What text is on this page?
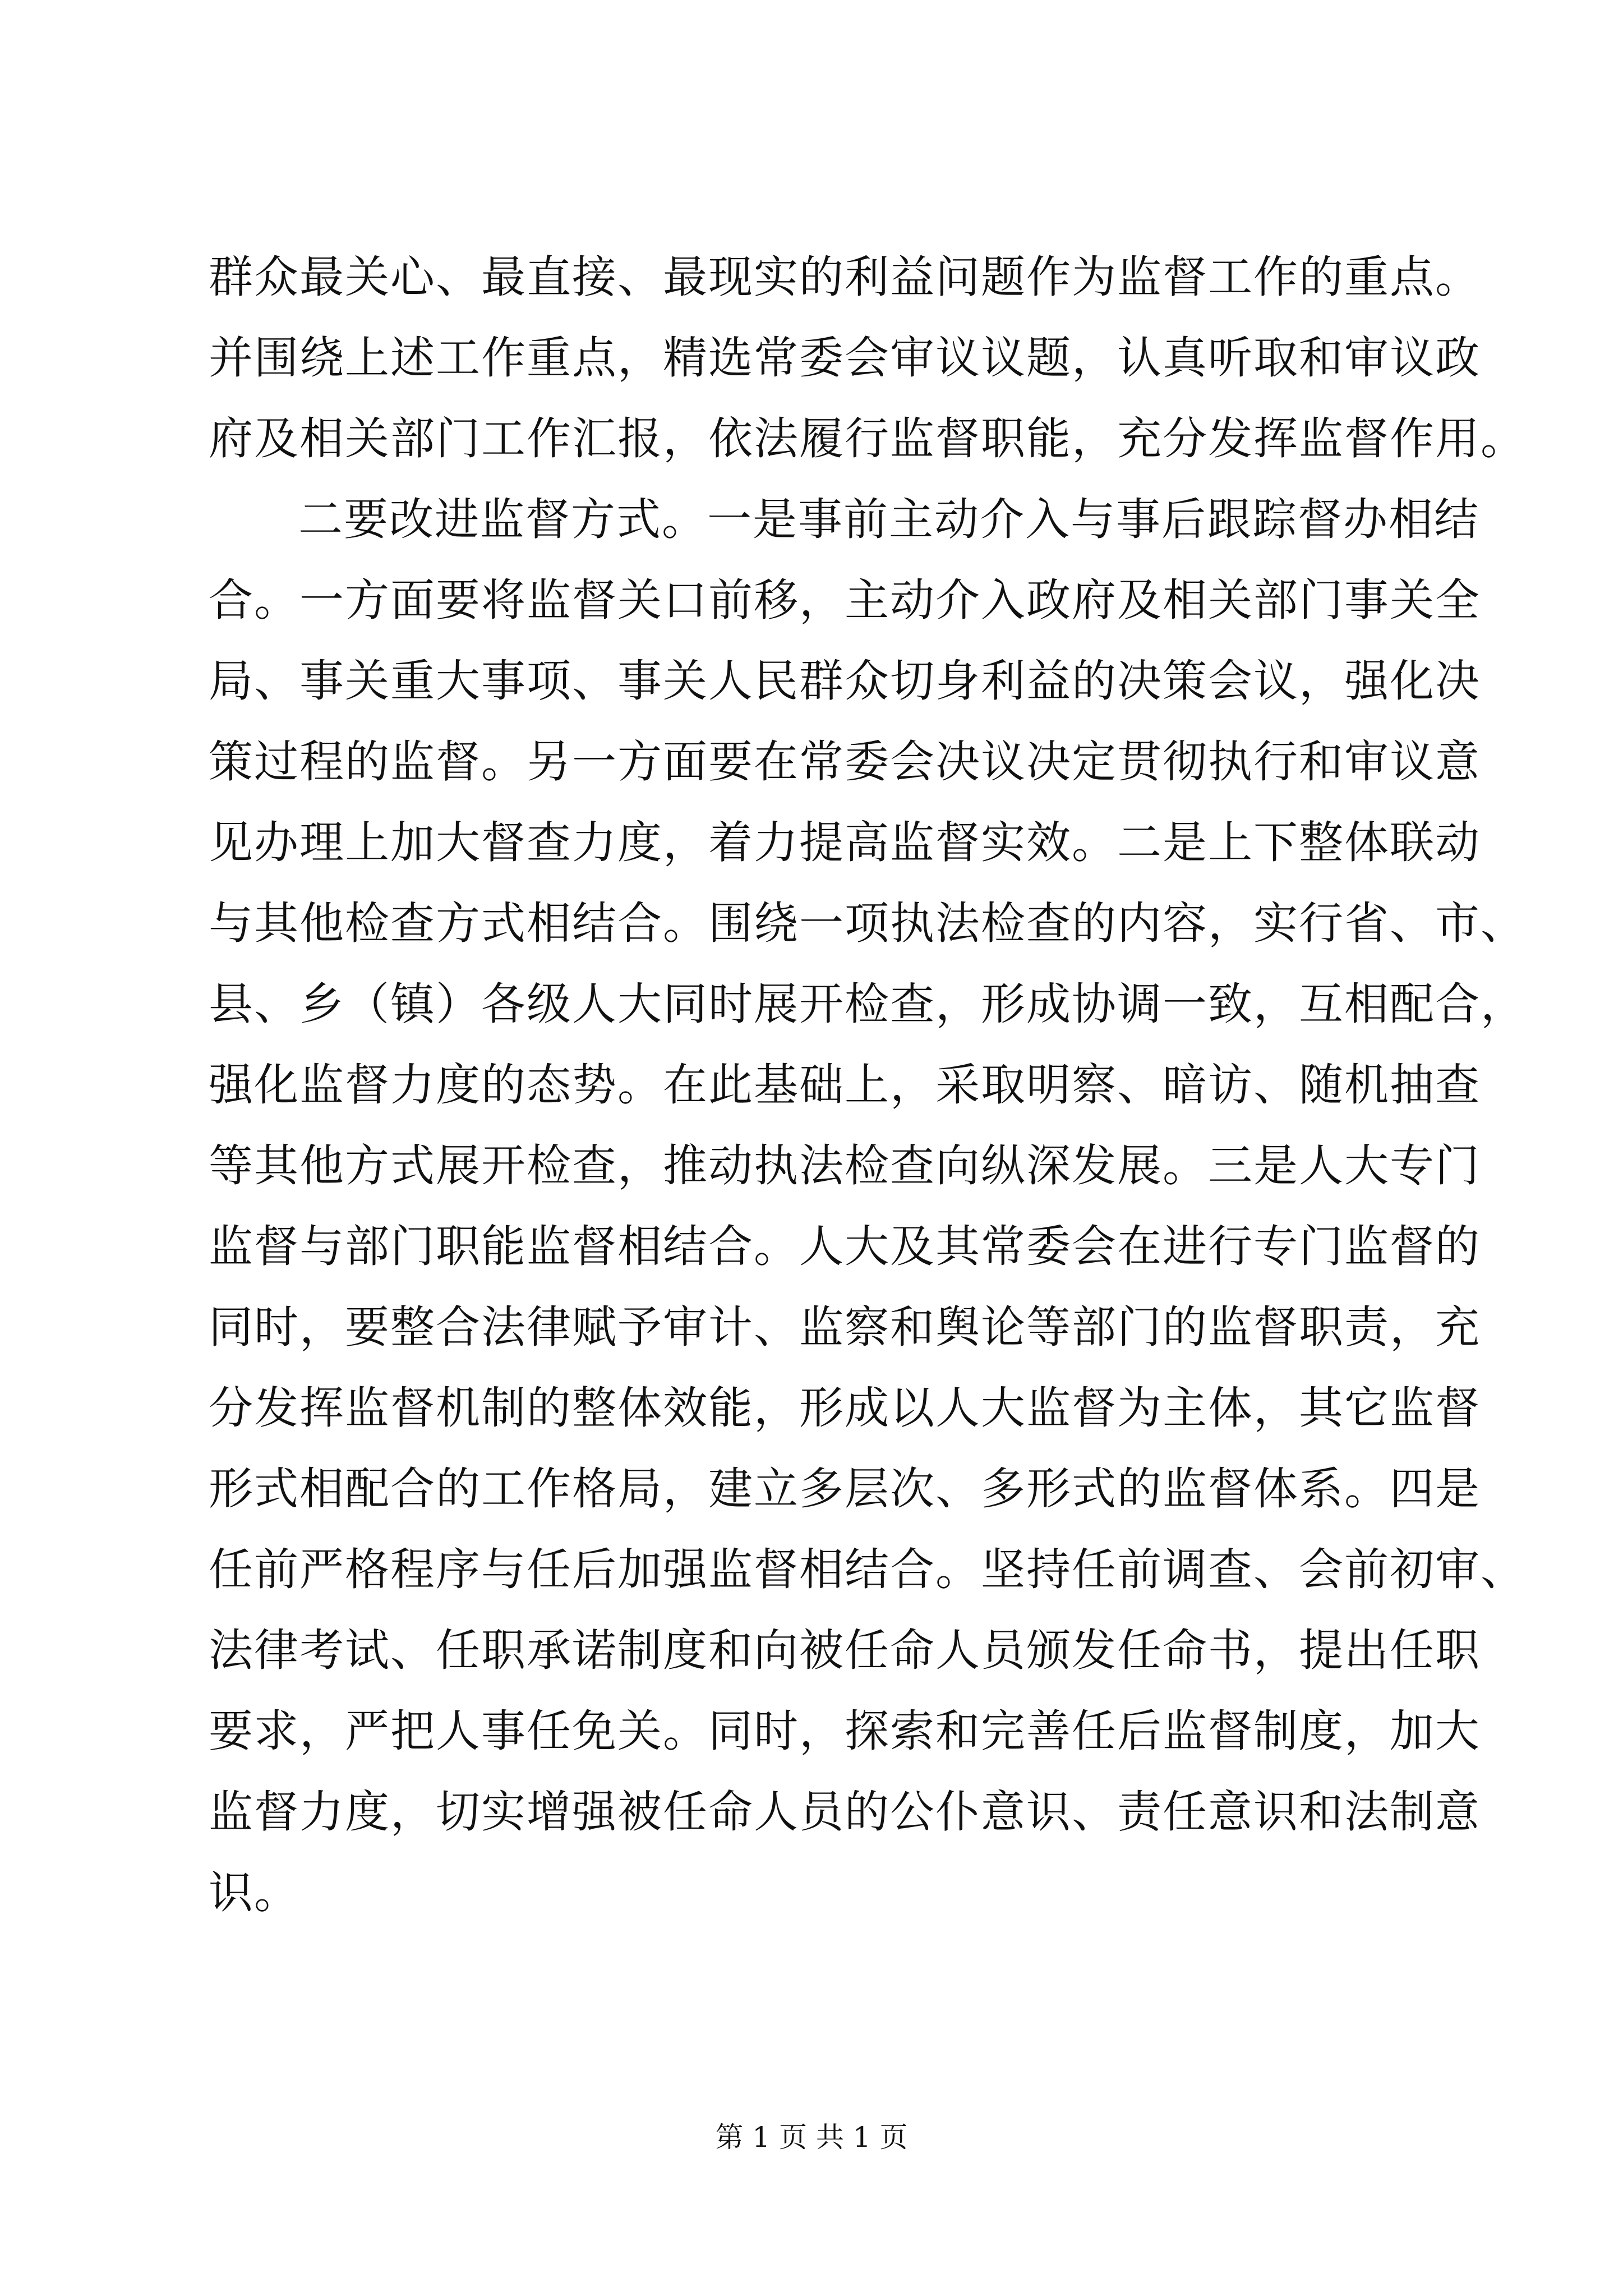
群众最关心、最直接、最现实的利益问题作为监督工作的重点。
并围绕上述工作重点，精选常委会审议议题，认真听取和审议政
府及相关部门工作汇报，依法履行监督职能，充分发挥监督作用。
二要改进监督方式。一是事前主动介入与事后跟踪督办相结
合。一方面要将监督关口前移，主动介入政府及相关部门事关全
局、事关重大事项、事关人民群众切身利益的决策会议，强化决
策过程的监督。另一方面要在常委会决议决定贯彻执行和审议意
见办理上加大督查力度，着力提高监督实效。二是上下整体联动
与其他检查方式相结合。围绕一项执法检查的内容，实行省、市、
县、乡（镇）各级人大同时展开检查，形成协调一致，互相配合，
强化监督力度的态势。在此基础上，采取明察、暗访、随机抽查
等其他方式展开检查，推动执法检查向纵深发展。三是人大专门
监督与部门职能监督相结合。人大及其常委会在进行专门监督的
同时，要整合法律赋予审计、监察和舆论等部门的监督职责，充
分发挥监督机制的整体效能，形成以人大监督为主体，其它监督
形式相配合的工作格局，建立多层次、多形式的监督体系。四是
任前严格程序与任后加强监督相结合。坚持任前调查、会前初审、
法律考试、任职承诺制度和向被任命人员颁发任命书，提出任职
要求，严把人事任免关。同时，探索和完善任后监督制度，加大
监督力度，切实增强被任命人员的公仆意识、责任意识和法制意
识。
第 1 页 共 1 页
